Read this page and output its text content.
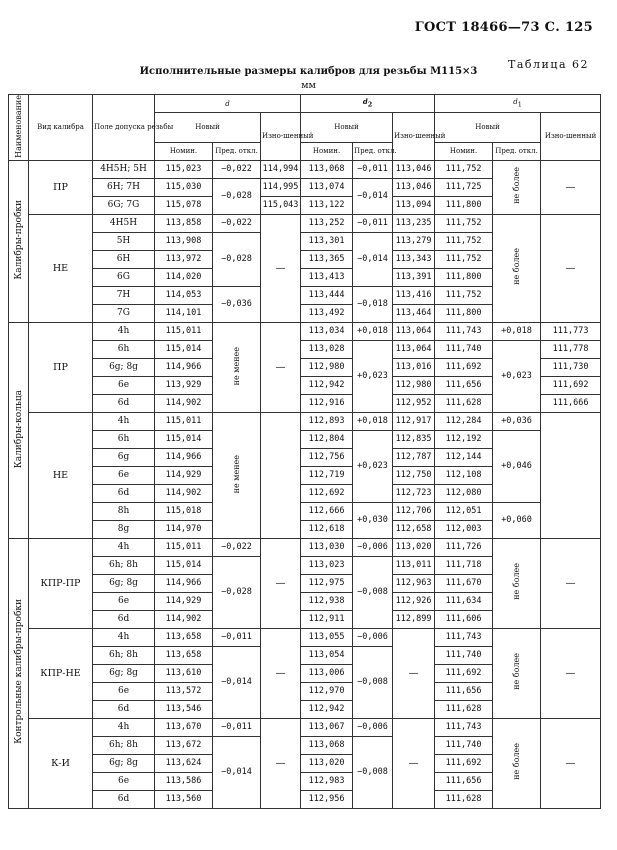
ГОСТ 18466—73 С. 125
Таблица 62
Исполнительные размеры калибров для резьбы М115×3
мм
Наименование	Вид калибра	Поле допуска резьбы	d			$d_2$			$d_1$
			Новый		Изно-шенный	Новый		Изно-шенный	Новый		Изно-шенный
			Номин.	Пред. откл.		Номин.	Пред. откл.		Номин.	Пред. откл.	
Калибры-пробки	ПР	4H5H; 5H	115,023	−0,022	114,994	113,068	−0,011	113,046	111,752	не более	—
		6H; 7H	115,030	−0,028	114,995	113,074	−0,014	113,046	111,725		
		6G; 7G	115,078		115,043	113,122		113,094	111,800		
	НЕ	4H5H	113,858	−0,022	—	113,252	−0,011	113,235	111,752	не более	—
		5H	113,908	−0,028		113,301	−0,014	113,279	111,752		
		6H	113,972			113,365		113,343	111,752		
		6G	114,020			113,413		113,391	111,800		
		7H	114,053	−0,036		113,444	−0,018	113,416	111,752		
		7G	114,101			113,492		113,464	111,800		
Калибры-кольца	ПР	4h	115,011	не менее	—	113,034	+0,018	113,064	111,743	+0,018	111,773
		6h	115,014			113,028	+0,023	113,064	111,740	+0,023	111,778
		6g; 8g	114,966			112,980		113,016	111,692		111,730
		6e	113,929			112,942		112,980	111,656		111,692
		6d	114,902			112,916		112,952	111,628		111,666
	НЕ	4h	115,011	не менее		112,893	+0,018	112,917	112,284	+0,036	
		6h	115,014			112,804	+0,023	112,835	112,192	+0,046	
		6g	114,966			112,756		112,787	112,144		
		6e	114,929			112,719		112,750	112,108		
		6d	114,902			112,692		112,723	112,080		
		8h	115,018			112,666	+0,030	112,706	112,051	+0,060	
		8g	114,970			112,618		112,658	112,003		
Контрольные калибры-пробки	КПР-ПР	4h	115,011	−0,022	—	113,030	−0,006	113,020	111,726	не более	—
		6h; 8h	115,014	−0,028		113,023	−0,008	113,011	111,718		
		6g; 8g	114,966			112,975		112,963	111,670		
		6e	114,929			112,938		112,926	111,634		
		6d	114,902			112,911		112,899	111,606		
	КПР-НЕ	4h	113,658	−0,011	—	113,055	−0,006	—	111,743	не более	—
		6h; 8h	113,658	−0,014		113,054	−0,008		111,740		
		6g; 8g	113,610			113,006			111,692		
		6e	113,572			112,970			111,656		
		6d	113,546			112,942			111,628		
	К-И	4h	113,670	−0,011	—	113,067	−0,006	—	111,743	не более	—
		6h; 8h	113,672	−0,014		113,068	−0,008		111,740		
		6g; 8g	113,624			113,020			111,692		
		6e	113,586			112,983			111,656		
		6d	113,560			112,956			111,628		
